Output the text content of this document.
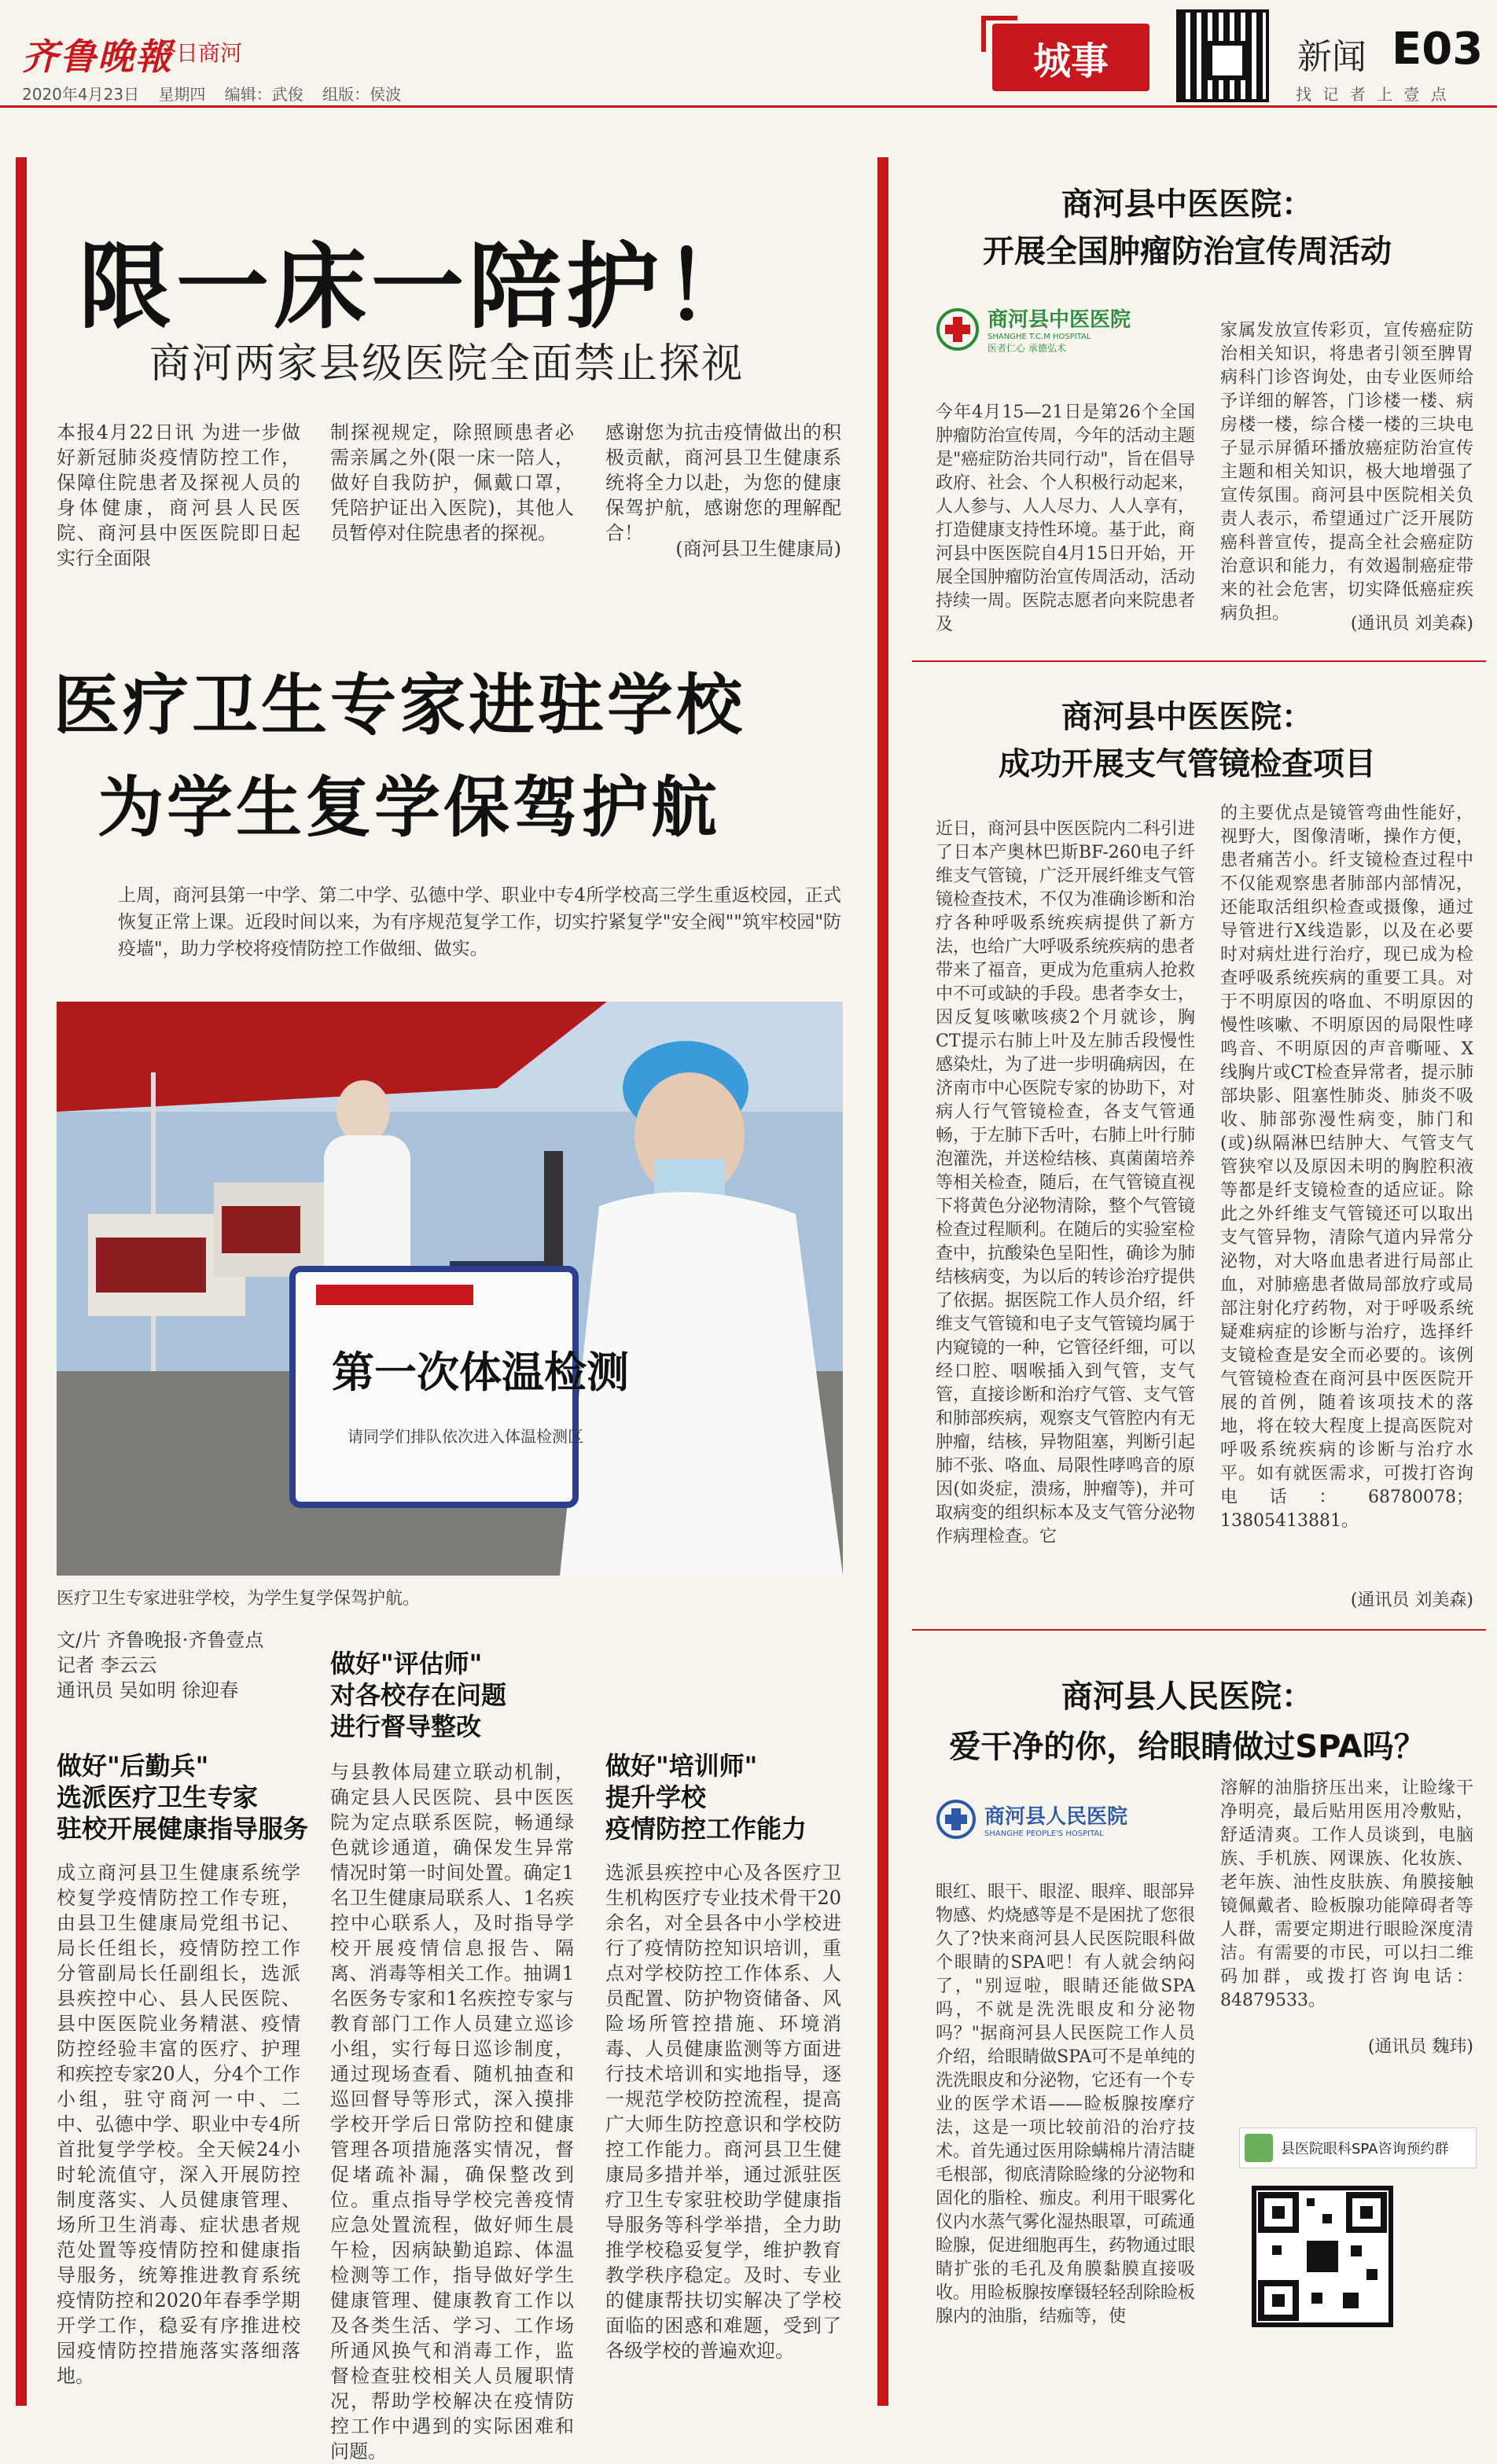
齐鲁晚報
今日商河
2020年4月23日 星期四 编辑：武俊 组版：侯波
城事	新闻 E03
找 记 者 上 壹 点
限一床一陪护！
商河两家县级医院全面禁止探视
本报4月22日讯 为进一步做好新冠肺炎疫情防控工作，保障住院患者及探视人员的身体健康，商河县人民医院、商河县中医医院即日起实行全面限
制探视规定，除照顾患者必需亲属之外(限一床一陪人，做好自我防护，佩戴口罩，凭陪护证出入医院)，其他人员暂停对住院患者的探视。
感谢您为抗击疫情做出的积极贡献，商河县卫生健康系统将全力以赴，为您的健康保驾护航，感谢您的理解配合！
(商河县卫生健康局)
医疗卫生专家进驻学校
为学生复学保驾护航
上周，商河县第一中学、第二中学、弘德中学、职业中专4所学校高三学生重返校园，正式恢复正常上课。近段时间以来，为有序规范复学工作，切实拧紧复学"安全阀""筑牢校园"防疫墙"，助力学校将疫情防控工作做细、做实。
第一次体温检测
请同学们排队依次进入体温检测区
医疗卫生专家进驻学校，为学生复学保驾护航。
文/片 齐鲁晚报·齐鲁壹点
记者 李云云
通讯员 吴如明 徐迎春
做好"后勤兵"
选派医疗卫生专家
驻校开展健康指导服务
成立商河县卫生健康系统学校复学疫情防控工作专班，由县卫生健康局党组书记、局长任组长，疫情防控工作分管副局长任副组长，选派县疾控中心、县人民医院、县中医医院业务精湛、疫情防控经验丰富的医疗、护理和疾控专家20人，分4个工作小组，驻守商河一中、二中、弘德中学、职业中专4所首批复学学校。全天候24小时轮流值守，深入开展防控制度落实、人员健康管理、场所卫生消毒、症状患者规范处置等疫情防控和健康指导服务，统筹推进教育系统疫情防控和2020年春季学期开学工作，稳妥有序推进校园疫情防控措施落实落细落地。
做好"评估师"
对各校存在问题
进行督导整改
与县教体局建立联动机制，确定县人民医院、县中医医院为定点联系医院，畅通绿色就诊通道，确保发生异常情况时第一时间处置。确定1名卫生健康局联系人、1名疾控中心联系人，及时指导学校开展疫情信息报告、隔离、消毒等相关工作。抽调1名医务专家和1名疾控专家与教育部门工作人员建立巡诊小组，实行每日巡诊制度，通过现场查看、随机抽查和巡回督导等形式，深入摸排学校开学后日常防控和健康管理各项措施落实情况，督促堵疏补漏，确保整改到位。重点指导学校完善疫情应急处置流程，做好师生晨午检，因病缺勤追踪、体温检测等工作，指导做好学生健康管理、健康教育工作以及各类生活、学习、工作场所通风换气和消毒工作，监督检查驻校相关人员履职情况，帮助学校解决在疫情防控工作中遇到的实际困难和问题。
做好"培训师"
提升学校
疫情防控工作能力
选派县疾控中心及各医疗卫生机构医疗专业技术骨干20余名，对全县各中小学校进行了疫情防控知识培训，重点对学校防控工作体系、人员配置、防护物资储备、风险场所管控措施、环境消毒、人员健康监测等方面进行技术培训和实地指导，逐一规范学校防控流程，提高广大师生防控意识和学校防控工作能力。商河县卫生健康局多措并举，通过派驻医疗卫生专家驻校助学健康指导服务等科学举措，全力助推学校稳妥复学，维护教育教学秩序稳定。及时、专业的健康帮扶切实解决了学校面临的困惑和难题，受到了各级学校的普遍欢迎。
商河县中医医院：
开展全国肿瘤防治宣传周活动
商河县中医医院
SHANGHE T.C.M HOSPITAL
医者仁心 承德弘术
今年4月15—21日是第26个全国肿瘤防治宣传周，今年的活动主题是"癌症防治共同行动"，旨在倡导政府、社会、个人积极行动起来，人人参与、人人尽力、人人享有，打造健康支持性环境。基于此，商河县中医医院自4月15日开始，开展全国肿瘤防治宣传周活动，活动持续一周。医院志愿者向来院患者及
家属发放宣传彩页，宣传癌症防治相关知识，将患者引领至脾胃病科门诊咨询处，由专业医师给予详细的解答，门诊楼一楼、病房楼一楼，综合楼一楼的三块电子显示屏循环播放癌症防治宣传主题和相关知识，极大地增强了宣传氛围。商河县中医院相关负责人表示，希望通过广泛开展防癌科普宣传，提高全社会癌症防治意识和能力，有效遏制癌症带来的社会危害，切实降低癌症疾病负担。
(通讯员 刘美森)
商河县中医医院：
成功开展支气管镜检查项目
近日，商河县中医医院内二科引进了日本产奥林巴斯BF-260电子纤维支气管镜，广泛开展纤维支气管镜检查技术，不仅为准确诊断和治疗各种呼吸系统疾病提供了新方法，也给广大呼吸系统疾病的患者带来了福音，更成为危重病人抢救中不可或缺的手段。患者李女士，因反复咳嗽咳痰2个月就诊，胸CT提示右肺上叶及左肺舌段慢性感染灶，为了进一步明确病因，在济南市中心医院专家的协助下，对病人行气管镜检查，各支气管通畅，于左肺下舌叶，右肺上叶行肺泡灌洗，并送检结核、真菌菌培养等相关检查，随后，在气管镜直视下将黄色分泌物清除，整个气管镜检查过程顺利。在随后的实验室检查中，抗酸染色呈阳性，确诊为肺结核病变，为以后的转诊治疗提供了依据。据医院工作人员介绍，纤维支气管镜和电子支气管镜均属于内窥镜的一种，它管径纤细，可以经口腔、咽喉插入到气管，支气管，直接诊断和治疗气管、支气管和肺部疾病，观察支气管腔内有无肿瘤，结核，异物阻塞，判断引起肺不张、咯血、局限性哮鸣音的原因(如炎症，溃疡，肿瘤等)，并可取病变的组织标本及支气管分泌物作病理检查。它
的主要优点是镜管弯曲性能好，视野大，图像清晰，操作方便，患者痛苦小。纤支镜检查过程中不仅能观察患者肺部内部情况，还能取活组织检查或摄像，通过导管进行X线造影，以及在必要时对病灶进行治疗，现已成为检查呼吸系统疾病的重要工具。对于不明原因的咯血、不明原因的慢性咳嗽、不明原因的局限性哮鸣音、不明原因的声音嘶哑、X线胸片或CT检查异常者，提示肺部块影、阻塞性肺炎、肺炎不吸收、肺部弥漫性病变，肺门和(或)纵隔淋巴结肿大、气管支气管狭窄以及原因未明的胸腔积液等都是纤支镜检查的适应证。除此之外纤维支气管镜还可以取出支气管异物，清除气道内异常分泌物，对大咯血患者进行局部止血，对肺癌患者做局部放疗或局部注射化疗药物，对于呼吸系统疑难病症的诊断与治疗，选择纤支镜检查是安全而必要的。该例气管镜检查在商河县中医医院开展的首例，随着该项技术的落地，将在较大程度上提高医院对呼吸系统疾病的诊断与治疗水平。如有就医需求，可拨打咨询电话：68780078；13805413881。
(通讯员 刘美森)
商河县人民医院：
爱干净的你，给眼睛做过SPA吗？
商河县人民医院
SHANGHE PEOPLE'S HOSPITAL
眼红、眼干、眼涩、眼痒、眼部异物感、灼烧感等是不是困扰了您很久了?快来商河县人民医院眼科做个眼睛的SPA吧！有人就会纳闷了，"别逗啦，眼睛还能做SPA吗，不就是洗洗眼皮和分泌物吗？"据商河县人民医院工作人员介绍，给眼睛做SPA可不是单纯的洗洗眼皮和分泌物，它还有一个专业的医学术语——睑板腺按摩疗法，这是一项比较前沿的治疗技术。首先通过医用除螨棉片清洁睫毛根部，彻底清除睑缘的分泌物和固化的脂栓、痂皮。利用干眼雾化仪内水蒸气雾化湿热眼罩，可疏通睑腺，促进细胞再生，药物通过眼睛扩张的毛孔及角膜黏膜直接吸收。用睑板腺按摩镊轻轻刮除睑板腺内的油脂，结痂等，使
溶解的油脂挤压出来，让睑缘干净明亮，最后贴用医用冷敷贴，舒适清爽。工作人员谈到，电脑族、手机族、网课族、化妆族、老年族、油性皮肤族、角膜接触镜佩戴者、睑板腺功能障碍者等人群，需要定期进行眼睑深度清洁。有需要的市民，可以扫二维码加群，或拨打咨询电话：84879533。
(通讯员 魏玮)
县医院眼科SPA咨询预约群
